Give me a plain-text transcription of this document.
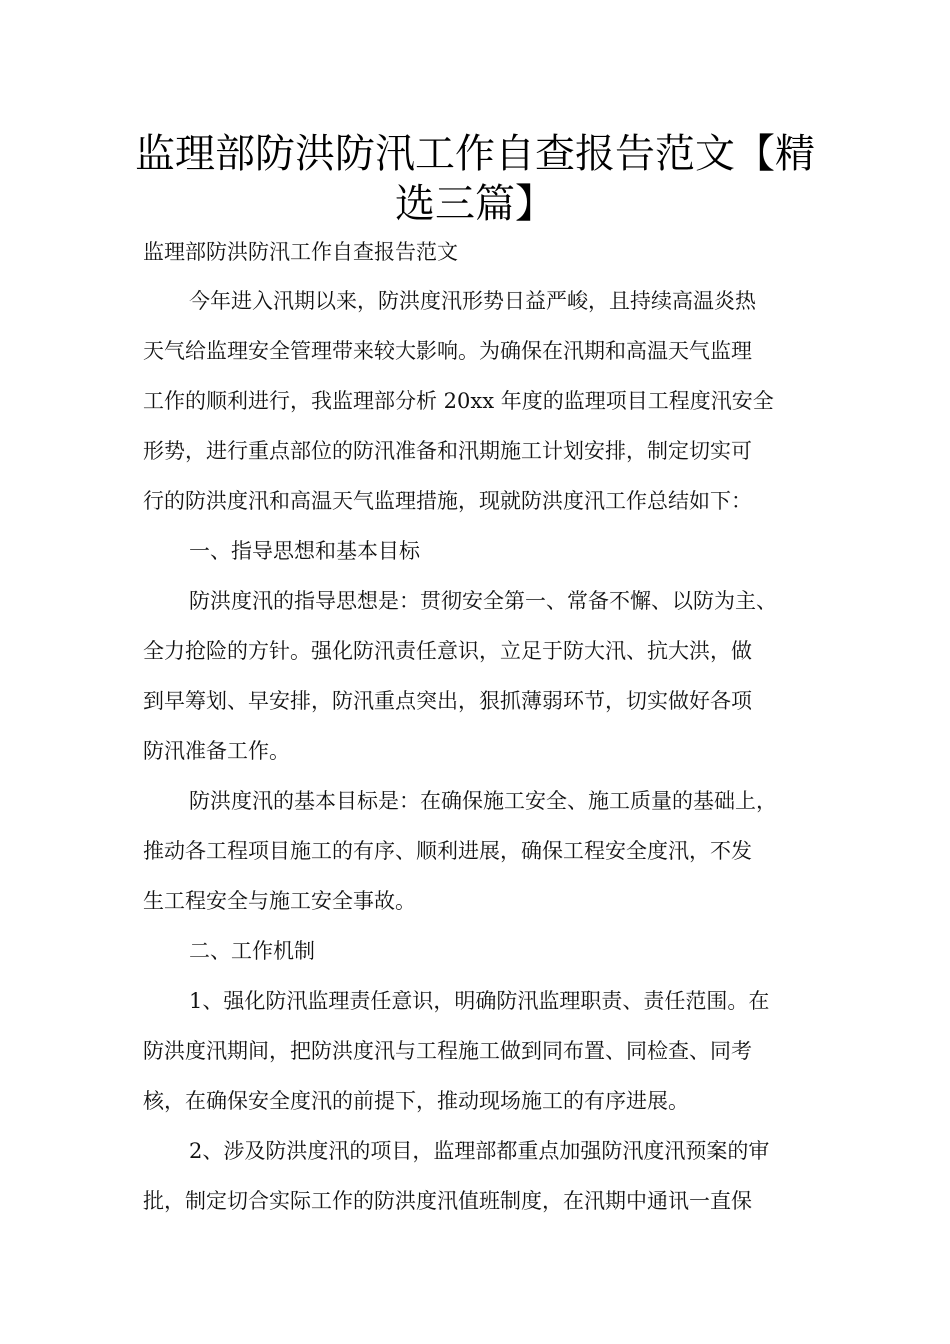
监理部防洪防汛工作自查报告范文【精
选三篇】
监理部防洪防汛工作自查报告范文
今年进入汛期以来，防洪度汛形势日益严峻，且持续高温炎热
天气给监理安全管理带来较大影响。为确保在汛期和高温天气监理
工作的顺利进行，我监理部分析 20xx 年度的监理项目工程度汛安全
形势，进行重点部位的防汛准备和汛期施工计划安排，制定切实可
行的防洪度汛和高温天气监理措施，现就防洪度汛工作总结如下：
一、指导思想和基本目标
防洪度汛的指导思想是：贯彻安全第一、常备不懈、以防为主、
全力抢险的方针。强化防汛责任意识，立足于防大汛、抗大洪，做
到早筹划、早安排，防汛重点突出，狠抓薄弱环节，切实做好各项
防汛准备工作。
防洪度汛的基本目标是：在确保施工安全、施工质量的基础上，
推动各工程项目施工的有序、顺利进展，确保工程安全度汛，不发
生工程安全与施工安全事故。
二、工作机制
1、强化防汛监理责任意识，明确防汛监理职责、责任范围。在
防洪度汛期间，把防洪度汛与工程施工做到同布置、同检查、同考
核，在确保安全度汛的前提下，推动现场施工的有序进展。
2、涉及防洪度汛的项目，监理部都重点加强防汛度汛预案的审
批，制定切合实际工作的防洪度汛值班制度，在汛期中通讯一直保
